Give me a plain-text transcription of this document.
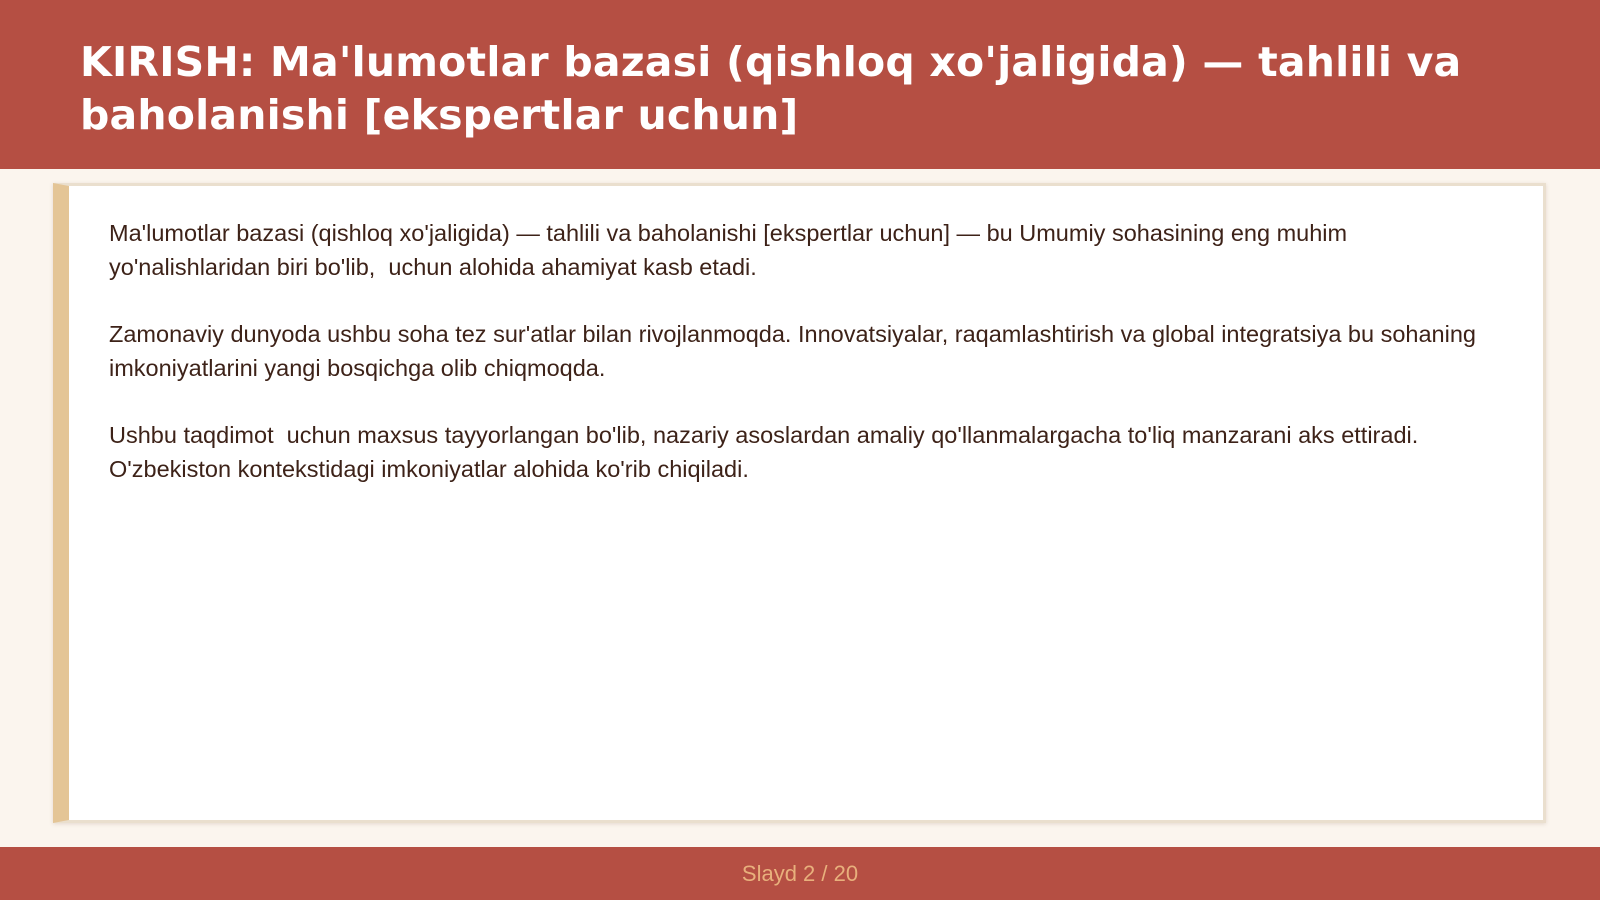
KIRISH: Ma'lumotlar bazasi (qishloq xo'jaligida) — tahlili va baholanishi [ekspertlar uchun]

Ma'lumotlar bazasi (qishloq xo'jaligida) — tahlili va baholanishi [ekspertlar uchun] — bu Umumiy sohasining eng muhim yo'nalishlaridan biri bo'lib,  uchun alohida ahamiyat kasb etadi.

Zamonaviy dunyoda ushbu soha tez sur'atlar bilan rivojlanmoqda. Innovatsiyalar, raqamlashtirish va global integratsiya bu sohaning imkoniyatlarini yangi bosqichga olib chiqmoqda.

Ushbu taqdimot  uchun maxsus tayyorlangan bo'lib, nazariy asoslardan amaliy qo'llanmalargacha to'liq manzarani aks ettiradi. O'zbekiston kontekstidagi imkoniyatlar alohida ko'rib chiqiladi.

Slayd 2 / 20
